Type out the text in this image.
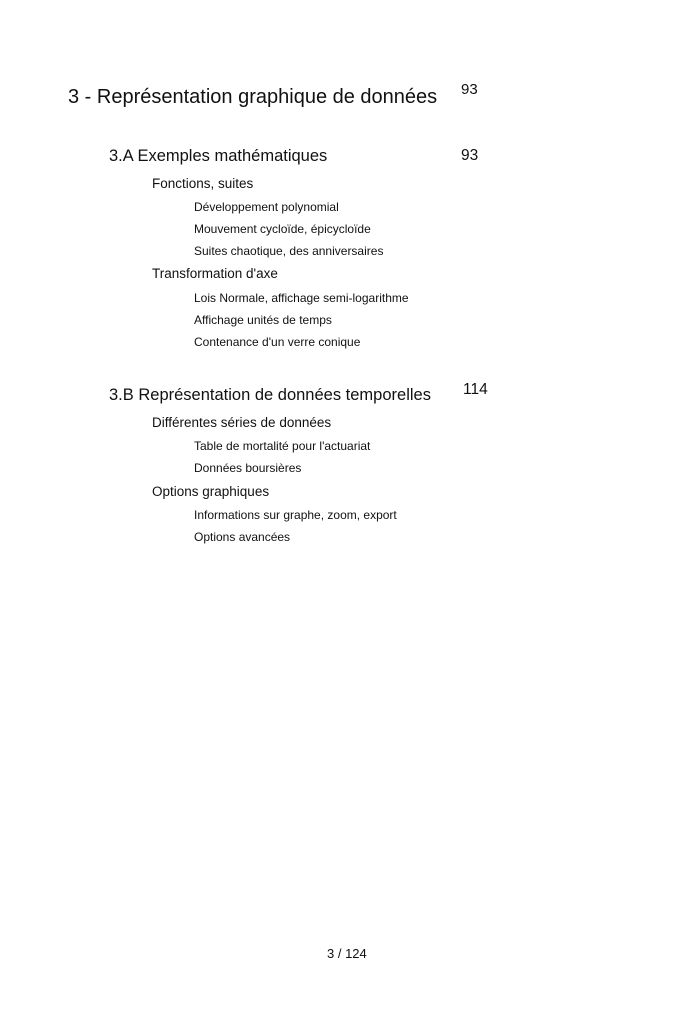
3 - Représentation graphique de données 93
3.A Exemples mathématiques	93
Fonctions, suites
Développement polynomial
Mouvement cycloïde, épicycloïde
Suites chaotique, des anniversaires
Transformation d'axe
Lois Normale, affichage semi-logarithme
Affichage unités de temps
Contenance d'un verre conique
3.B Représentation de données temporelles 114
Différentes séries de données
Table de mortalité pour l'actuariat
Données boursières
Options graphiques
Informations sur graphe, zoom, export
Options avancées
3 / 124
